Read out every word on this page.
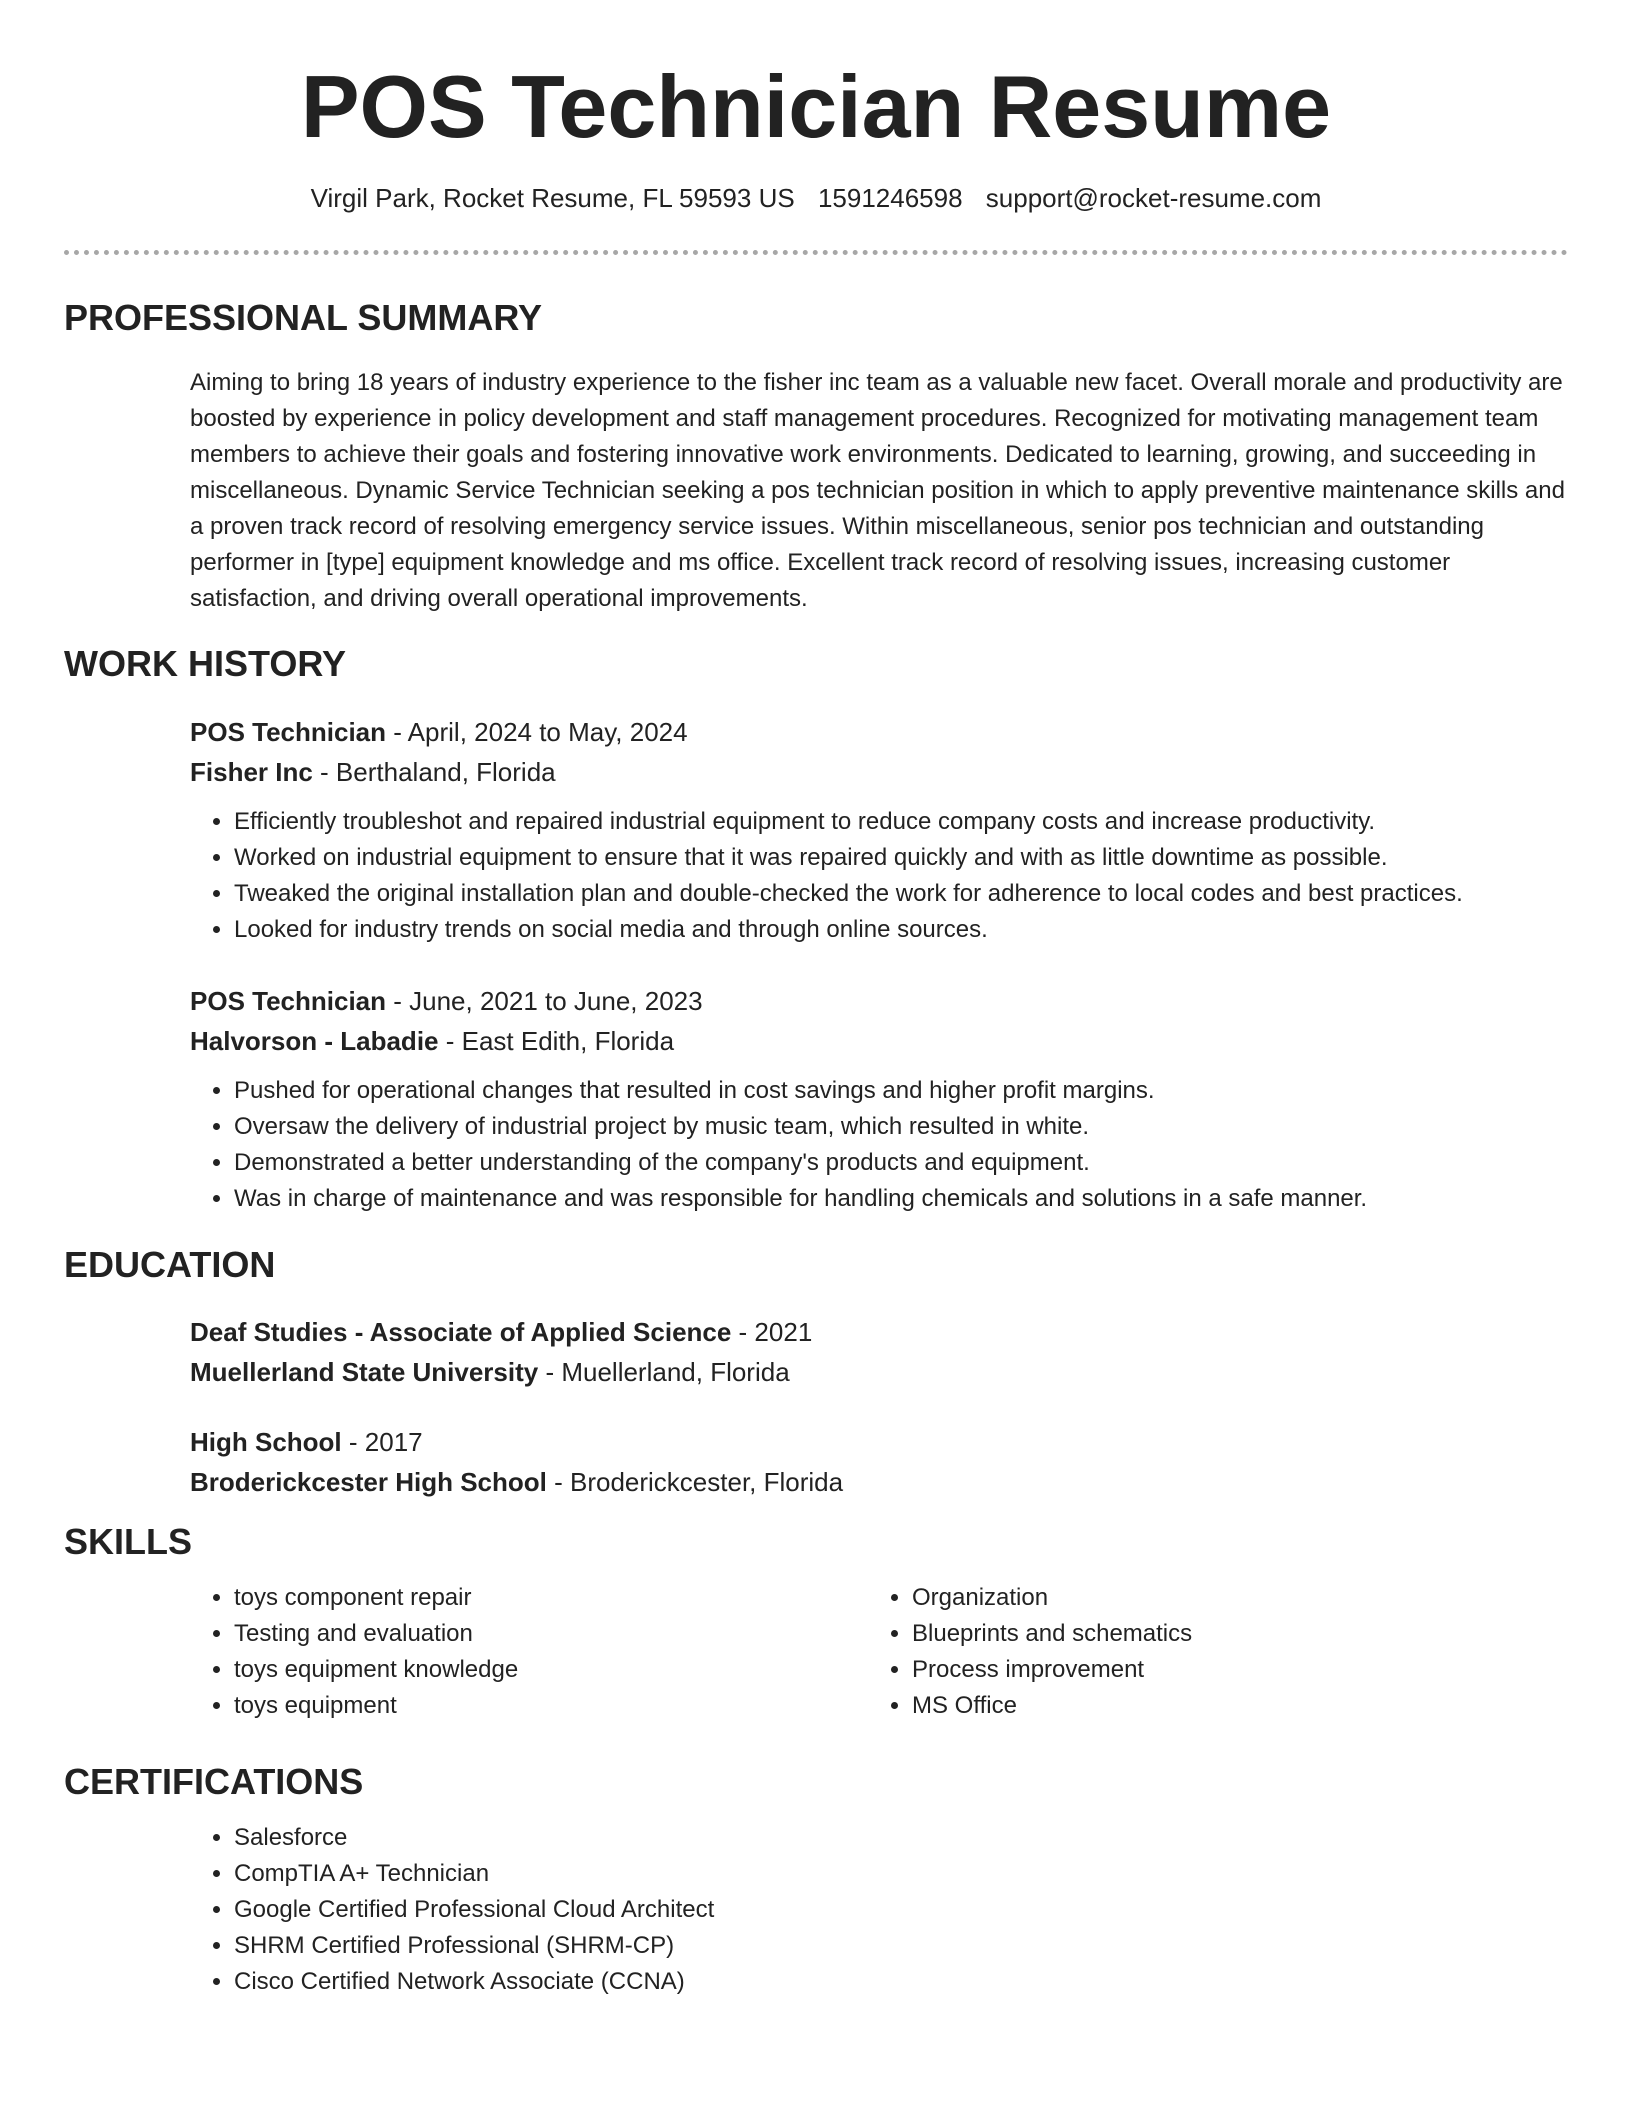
POS Technician Resume
Virgil Park, Rocket Resume, FL 59593 US 1591246598 support@rocket-resume.com
PROFESSIONAL SUMMARY
Aiming to bring 18 years of industry experience to the fisher inc team as a valuable new facet. Overall morale and productivity are boosted by experience in policy development and staff management procedures. Recognized for motivating management team members to achieve their goals and fostering innovative work environments. Dedicated to learning, growing, and succeeding in miscellaneous. Dynamic Service Technician seeking a pos technician position in which to apply preventive maintenance skills and a proven track record of resolving emergency service issues. Within miscellaneous, senior pos technician and outstanding performer in [type] equipment knowledge and ms office. Excellent track record of resolving issues, increasing customer satisfaction, and driving overall operational improvements.
WORK HISTORY
POS Technician - April, 2024 to May, 2024
Fisher Inc - Berthaland, Florida
• Efficiently troubleshot and repaired industrial equipment to reduce company costs and increase productivity.
• Worked on industrial equipment to ensure that it was repaired quickly and with as little downtime as possible.
• Tweaked the original installation plan and double-checked the work for adherence to local codes and best practices.
• Looked for industry trends on social media and through online sources.
POS Technician - June, 2021 to June, 2023
Halvorson - Labadie - East Edith, Florida
• Pushed for operational changes that resulted in cost savings and higher profit margins.
• Oversaw the delivery of industrial project by music team, which resulted in white.
• Demonstrated a better understanding of the company's products and equipment.
• Was in charge of maintenance and was responsible for handling chemicals and solutions in a safe manner.
EDUCATION
Deaf Studies - Associate of Applied Science - 2021
Muellerland State University - Muellerland, Florida
High School - 2017
Broderickcester High School - Broderickcester, Florida
SKILLS
• toys component repair
• Testing and evaluation
• toys equipment knowledge
• toys equipment
• Organization
• Blueprints and schematics
• Process improvement
• MS Office
CERTIFICATIONS
• Salesforce
• CompTIA A+ Technician
• Google Certified Professional Cloud Architect
• SHRM Certified Professional (SHRM-CP)
• Cisco Certified Network Associate (CCNA)
